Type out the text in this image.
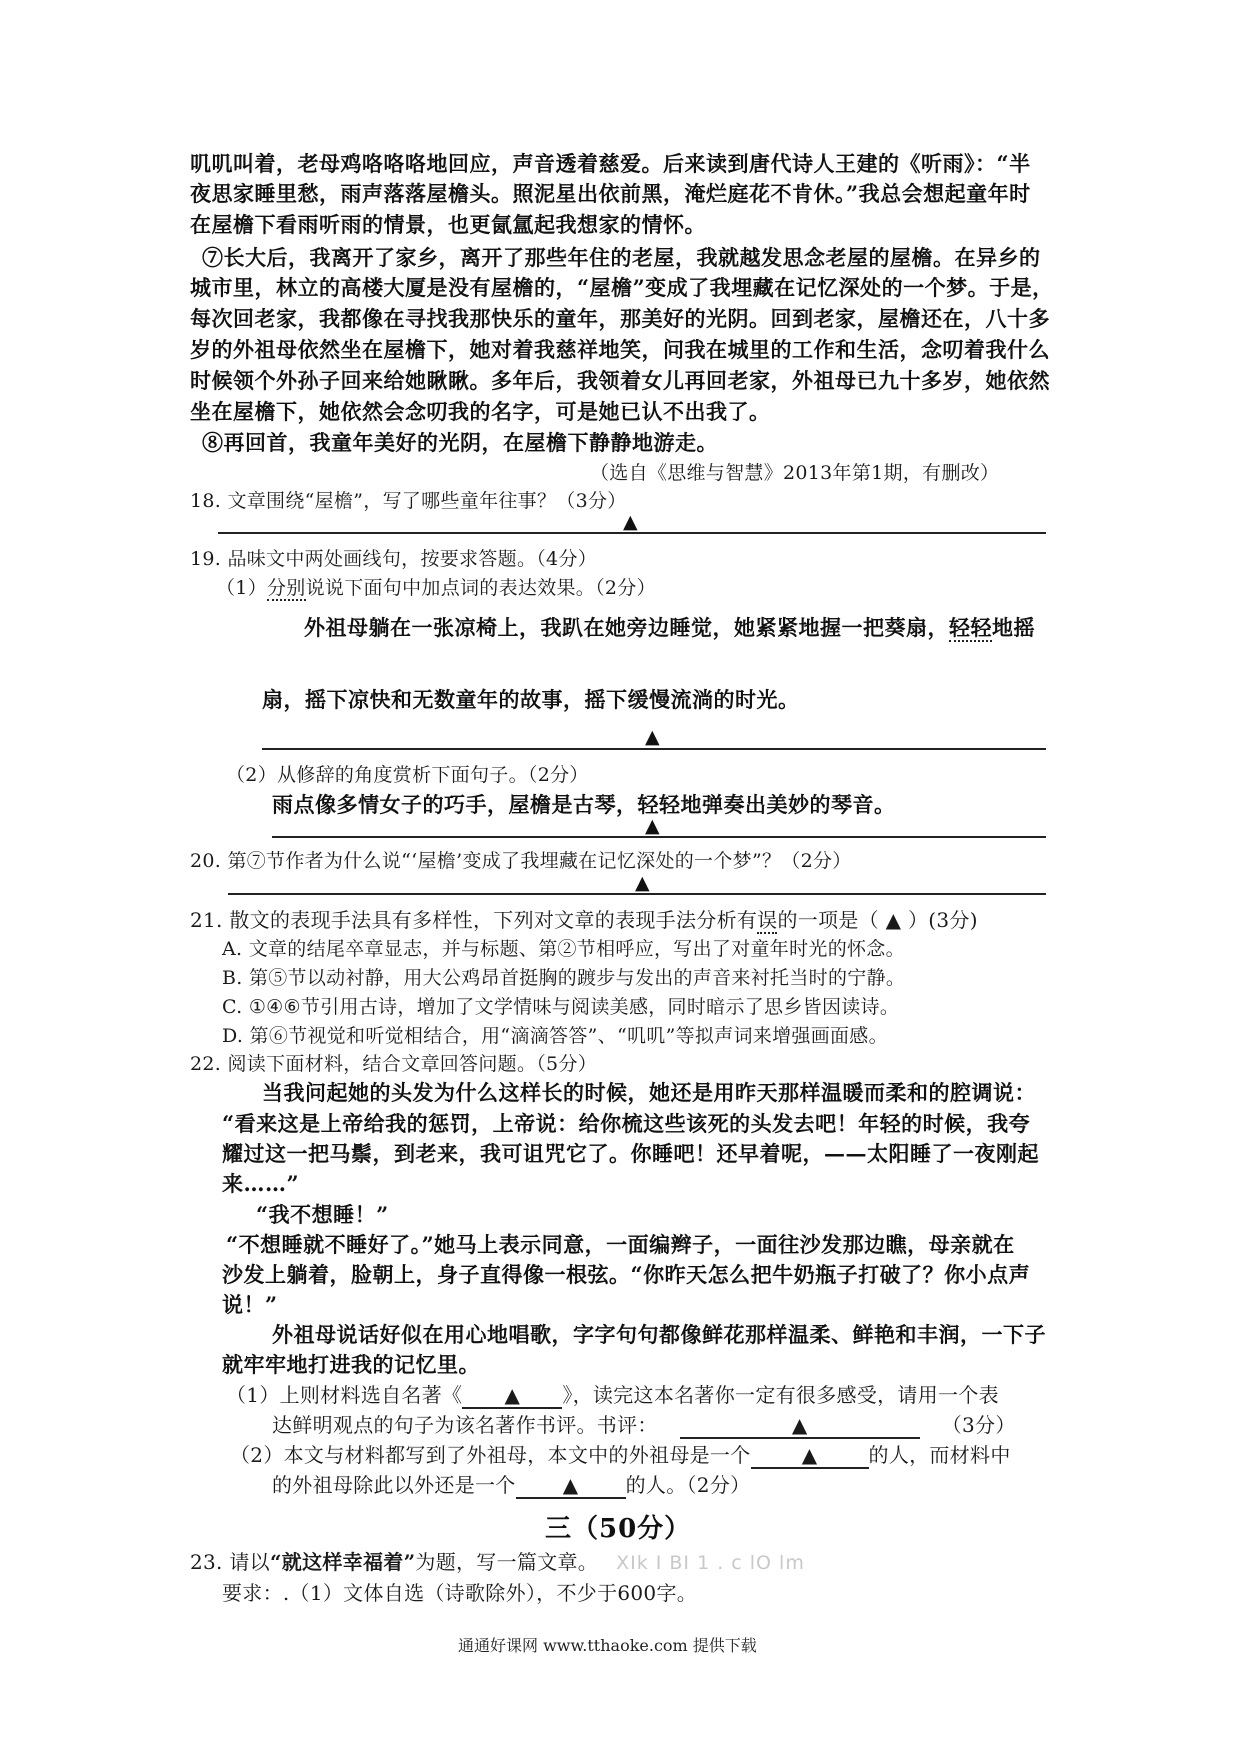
叽叽叫着，老母鸡咯咯咯地回应，声音透着慈爱。后来读到唐代诗人王建的《听雨》：“半
夜思家睡里愁，雨声落落屋檐头。照泥星出依前黑，淹烂庭花不肯休。”我总会想起童年时
在屋檐下看雨听雨的情景，也更氤氲起我想家的情怀。
⑦长大后，我离开了家乡，离开了那些年住的老屋，我就越发思念老屋的屋檐。在异乡的
城市里，林立的高楼大厦是没有屋檐的，“屋檐”变成了我埋藏在记忆深处的一个梦。于是，
每次回老家，我都像在寻找我那快乐的童年，那美好的光阴。回到老家，屋檐还在，八十多
岁的外祖母依然坐在屋檐下，她对着我慈祥地笑，问我在城里的工作和生活，念叨着我什么
时候领个外孙子回来给她瞅瞅。多年后，我领着女儿再回老家，外祖母已九十多岁，她依然
坐在屋檐下，她依然会念叨我的名字，可是她已认不出我了。
⑧再回首，我童年美好的光阴，在屋檐下静静地游走。
（选自《思维与智慧》2013年第1期，有删改）
18. 文章围绕“屋檐”，写了哪些童年往事？（3分）
▲
19. 品味文中两处画线句，按要求答题。（4分）
（1）分别说说下面句中加点词的表达效果。（2分）
外祖母躺在一张凉椅上，我趴在她旁边睡觉，她紧紧地握一把葵扇，轻轻地摇
扇，摇下凉快和无数童年的故事，摇下缓慢流淌的时光。
▲
（2）从修辞的角度赏析下面句子。（2分）
雨点像多情女子的巧手，屋檐是古琴，轻轻地弹奏出美妙的琴音。
▲
20. 第⑦节作者为什么说“‘屋檐’变成了我埋藏在记忆深处的一个梦”？（2分）
▲
21. 散文的表现手法具有多样性，下列对文章的表现手法分析有误的一项是（ ▲ ）(3分)
A. 文章的结尾卒章显志，并与标题、第②节相呼应，写出了对童年时光的怀念。
B. 第⑤节以动衬静，用大公鸡昂首挺胸的踱步与发出的声音来衬托当时的宁静。
C. ①④⑥节引用古诗，增加了文学情味与阅读美感，同时暗示了思乡皆因读诗。
D. 第⑥节视觉和听觉相结合，用“滴滴答答”、“叽叽”等拟声词来增强画面感。
22. 阅读下面材料，结合文章回答问题。（5分）
当我问起她的头发为什么这样长的时候，她还是用昨天那样温暖而柔和的腔调说：
“看来这是上帝给我的惩罚，上帝说：给你梳这些该死的头发去吧！年轻的时候，我夸
耀过这一把马鬃，到老来，我可诅咒它了。你睡吧！还早着呢，——太阳睡了一夜刚起
来……”
“我不想睡！”
“不想睡就不睡好了。”她马上表示同意，一面编辫子，一面往沙发那边瞧，母亲就在
沙发上躺着，脸朝上，身子直得像一根弦。“你昨天怎么把牛奶瓶子打破了？你小点声
说！”
外祖母说话好似在用心地唱歌，字字句句都像鲜花那样温柔、鲜艳和丰润，一下子
就牢牢地打进我的记忆里。
（1）上则材料选自名著《 ▲ 》，读完这本名著你一定有很多感受，请用一个表
达鲜明观点的句子为该名著作书评。书评：	▲	（3分）
（2）本文与材料都写到了外祖母，本文中的外祖母是一个	▲	的人，而材料中
的外祖母除此以外还是一个 ▲ 的人。（2分）
三（50分）
23. 请以“就这样幸福着”为题，写一篇文章。 XIk I BI 1 . c lO lm
要求：.（1）文体自选（诗歌除外），不少于600字。
通通好课网 www.tthaoke.com 提供下载
